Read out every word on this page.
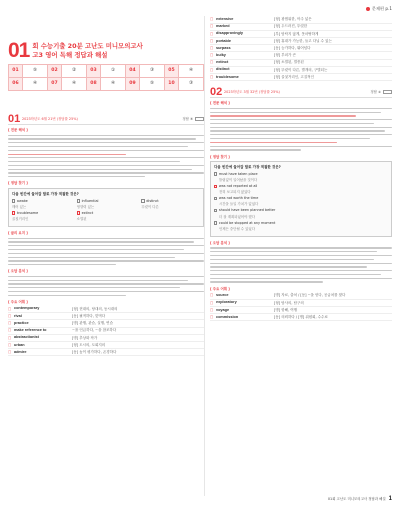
문제편 p.1
01 회 수능기출 20분 고난도 미니모의고사
고3 영어 독해 정답과 해설
01	⑤	02	②	03	①	04	③	05	④
06	④	07	④	08	④	09	⑤	10	③
01 2023학년도 6월 21번 (정답률 25%)	정답 ⑤
[ 전문 해석 ]
[ 정답 찾기 ]
다음 빈칸에 들어갈 말로 가장 적절한 것은?
awake	influential	distinct
깨어 있는	영향력 있는	뚜렷이 다른
troublesome	extinct
골칫거리인	소멸된
[ 글의 요지 ]
[ 오답 분석 ]
[ 주요 어휘 ]
□	contemporary	[형] 현대의, 당대의, 동시대의
□	rival	[동] 필적하다, 맞먹다
□	practice	[명] 관행, 관습, 실행, 연습
□	make reference to	~을 언급하다, ~을 참조하다
□	abstractionist	[명] 추상화 작가
□	urban	[형] 도시의, 도회지의
□	admire	[동] 높이 평가하다, 존경하다
□	extensive	[형] 광범위한, 아주 넓은
□	marked	[형] 두드러진, 뚜렷한
□	disapprovingly	[부] 탐탁지 않게, 못마땅하게
□	portable	[형] 휴대가 가능한, 들고 다닐 수 있는
□	surpass	[동] 능가하다, 뛰어넘다
□	bulky	[형] 부피가 큰
□	extinct	[형] 소멸된, 멸종된
□	distinct	[형] 뚜렷이 다른, 별개의, 구별되는
□	troublesome	[형] 골칫거리인, 고질적인
02 2023학년도 3월 32번 (정답률 25%)	정답 ②
[ 전문 해석 ]
[ 정답 찾기 ]
다음 빈칸에 들어갈 말로 가장 적절한 것은?
must have taken place
틀림없이 일어났을 것이다
was not reported at all
전혀 보고되지 않았다
was not worth the time
시간을 들일 가치가 없었다
should have been planned better
더 잘 계획되었어야 했다
could be stopped at any moment
언제든 중단될 수 있었다
[ 오답 분석 ]
[ 주요 어휘 ]
□	source	[명] 자료, 출처 / [동] ~을 얻다, 공급처를 찾다
□	exploratory	[형] 탐사의, 탐구의
□	voyage	[명] 항해, 여행
□	commission	[동] 의뢰하다 / [명] 위원회, 수수료
01회 고난도 미니모의고사 정답과 해설 1
